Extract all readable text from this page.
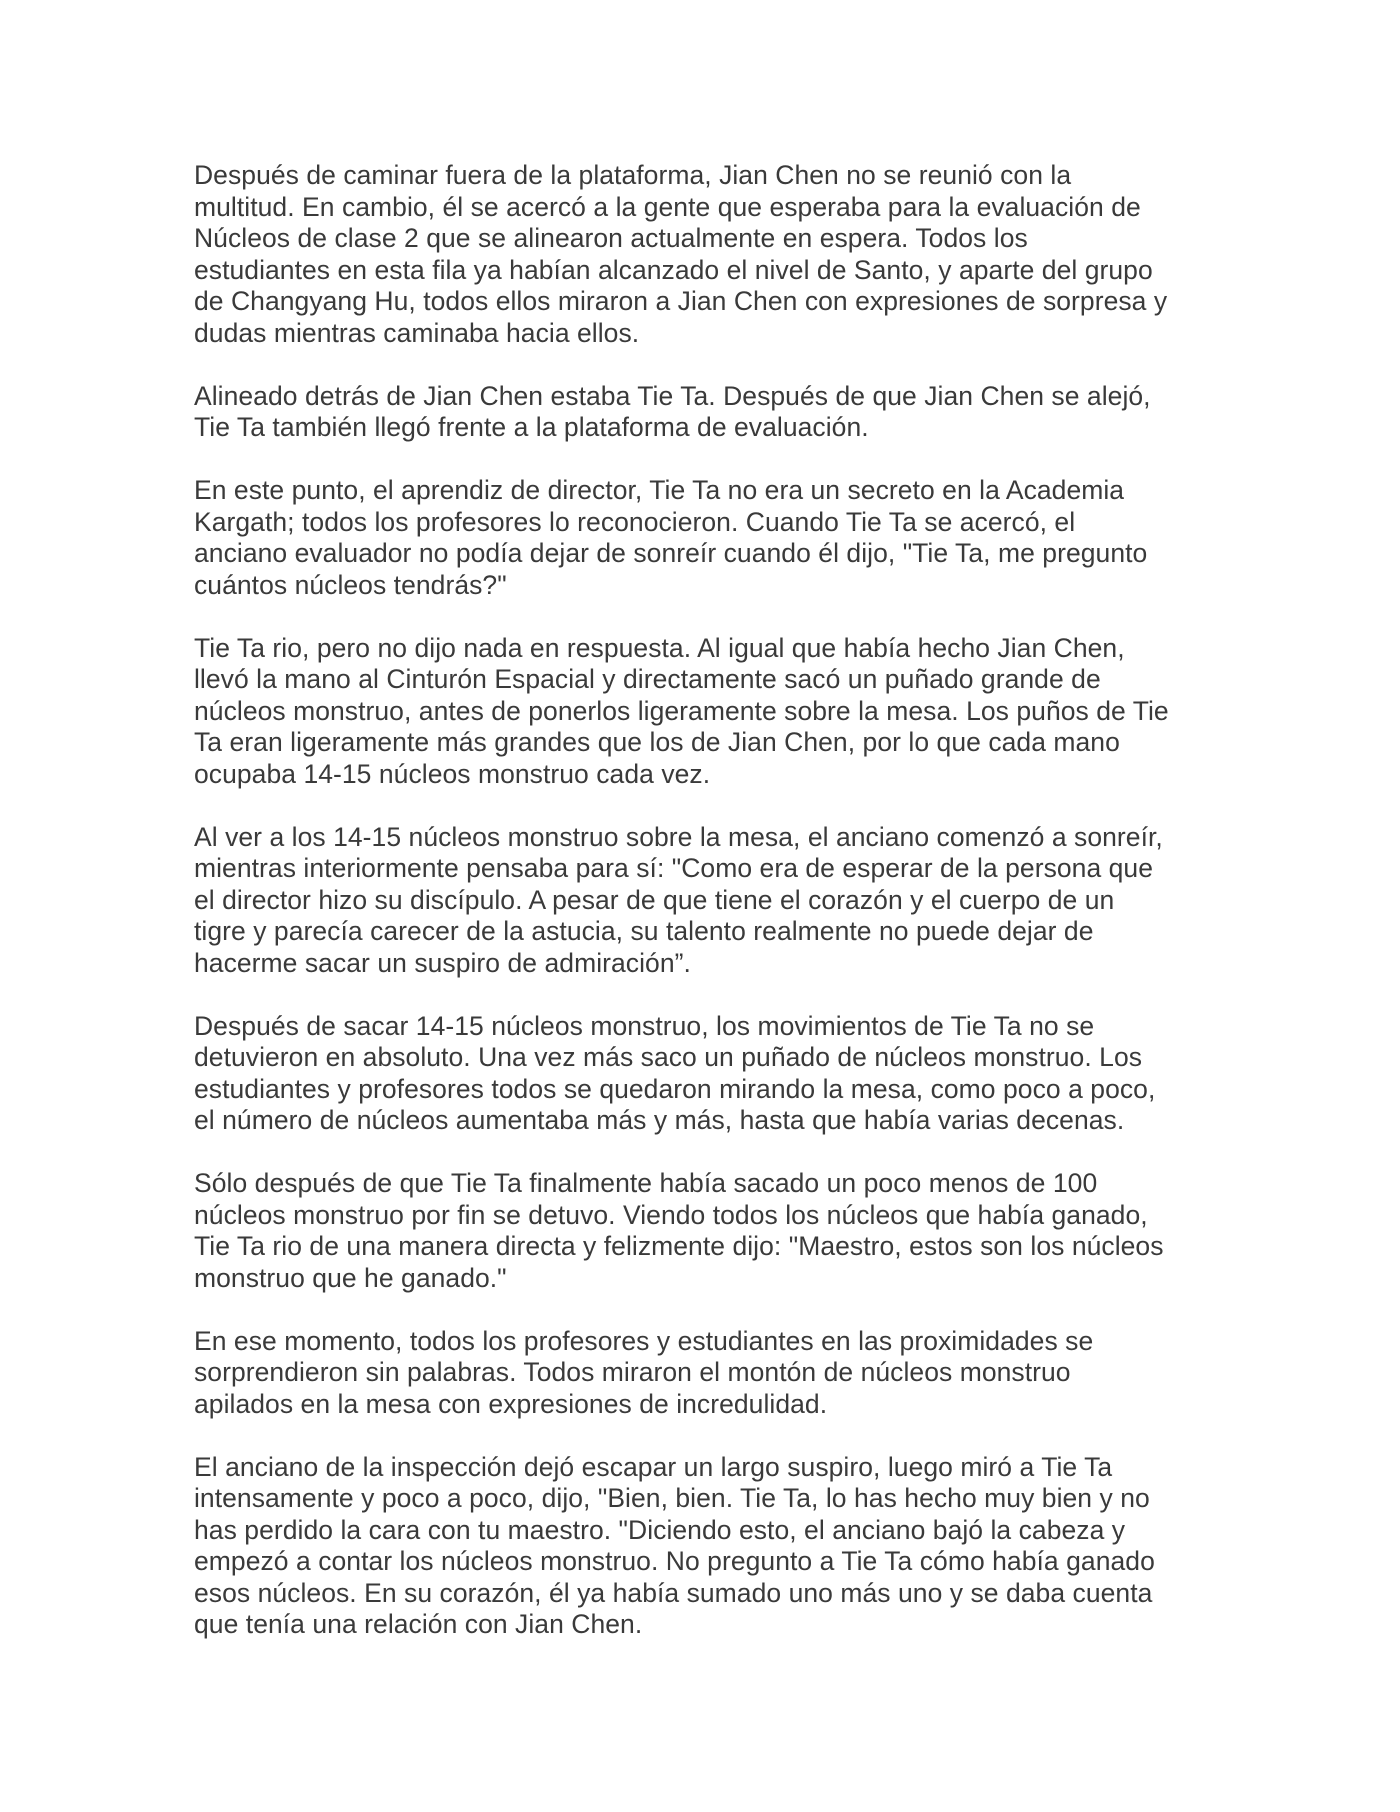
Después de caminar fuera de la plataforma, Jian Chen no se reunió con la
multitud. En cambio, él se acercó a la gente que esperaba para la evaluación de
Núcleos de clase 2 que se alinearon actualmente en espera. Todos los
estudiantes en esta fila ya habían alcanzado el nivel de Santo, y aparte del grupo
de Changyang Hu, todos ellos miraron a Jian Chen con expresiones de sorpresa y
dudas mientras caminaba hacia ellos.

Alineado detrás de Jian Chen estaba Tie Ta. Después de que Jian Chen se alejó,
Tie Ta también llegó frente a la plataforma de evaluación.

En este punto, el aprendiz de director, Tie Ta no era un secreto en la Academia
Kargath; todos los profesores lo reconocieron. Cuando Tie Ta se acercó, el
anciano evaluador no podía dejar de sonreír cuando él dijo, "Tie Ta, me pregunto
cuántos núcleos tendrás?"

Tie Ta rio, pero no dijo nada en respuesta. Al igual que había hecho Jian Chen,
llevó la mano al Cinturón Espacial y directamente sacó un puñado grande de
núcleos monstruo, antes de ponerlos ligeramente sobre la mesa. Los puños de Tie
Ta eran ligeramente más grandes que los de Jian Chen, por lo que cada mano
ocupaba 14-15 núcleos monstruo cada vez.

Al ver a los 14-15 núcleos monstruo sobre la mesa, el anciano comenzó a sonreír,
mientras interiormente pensaba para sí: "Como era de esperar de la persona que
el director hizo su discípulo. A pesar de que tiene el corazón y el cuerpo de un
tigre y parecía carecer de la astucia, su talento realmente no puede dejar de
hacerme sacar un suspiro de admiración”.

Después de sacar 14-15 núcleos monstruo, los movimientos de Tie Ta no se
detuvieron en absoluto. Una vez más saco un puñado de núcleos monstruo. Los
estudiantes y profesores todos se quedaron mirando la mesa, como poco a poco,
el número de núcleos aumentaba más y más, hasta que había varias decenas.

Sólo después de que Tie Ta finalmente había sacado un poco menos de 100
núcleos monstruo por fin se detuvo. Viendo todos los núcleos que había ganado,
Tie Ta rio de una manera directa y felizmente dijo: "Maestro, estos son los núcleos
monstruo que he ganado."

En ese momento, todos los profesores y estudiantes en las proximidades se
sorprendieron sin palabras. Todos miraron el montón de núcleos monstruo
apilados en la mesa con expresiones de incredulidad.

El anciano de la inspección dejó escapar un largo suspiro, luego miró a Tie Ta
intensamente y poco a poco, dijo, "Bien, bien. Tie Ta, lo has hecho muy bien y no
has perdido la cara con tu maestro. "Diciendo esto, el anciano bajó la cabeza y
empezó a contar los núcleos monstruo. No pregunto a Tie Ta cómo había ganado
esos núcleos. En su corazón, él ya había sumado uno más uno y se daba cuenta
que tenía una relación con Jian Chen.
